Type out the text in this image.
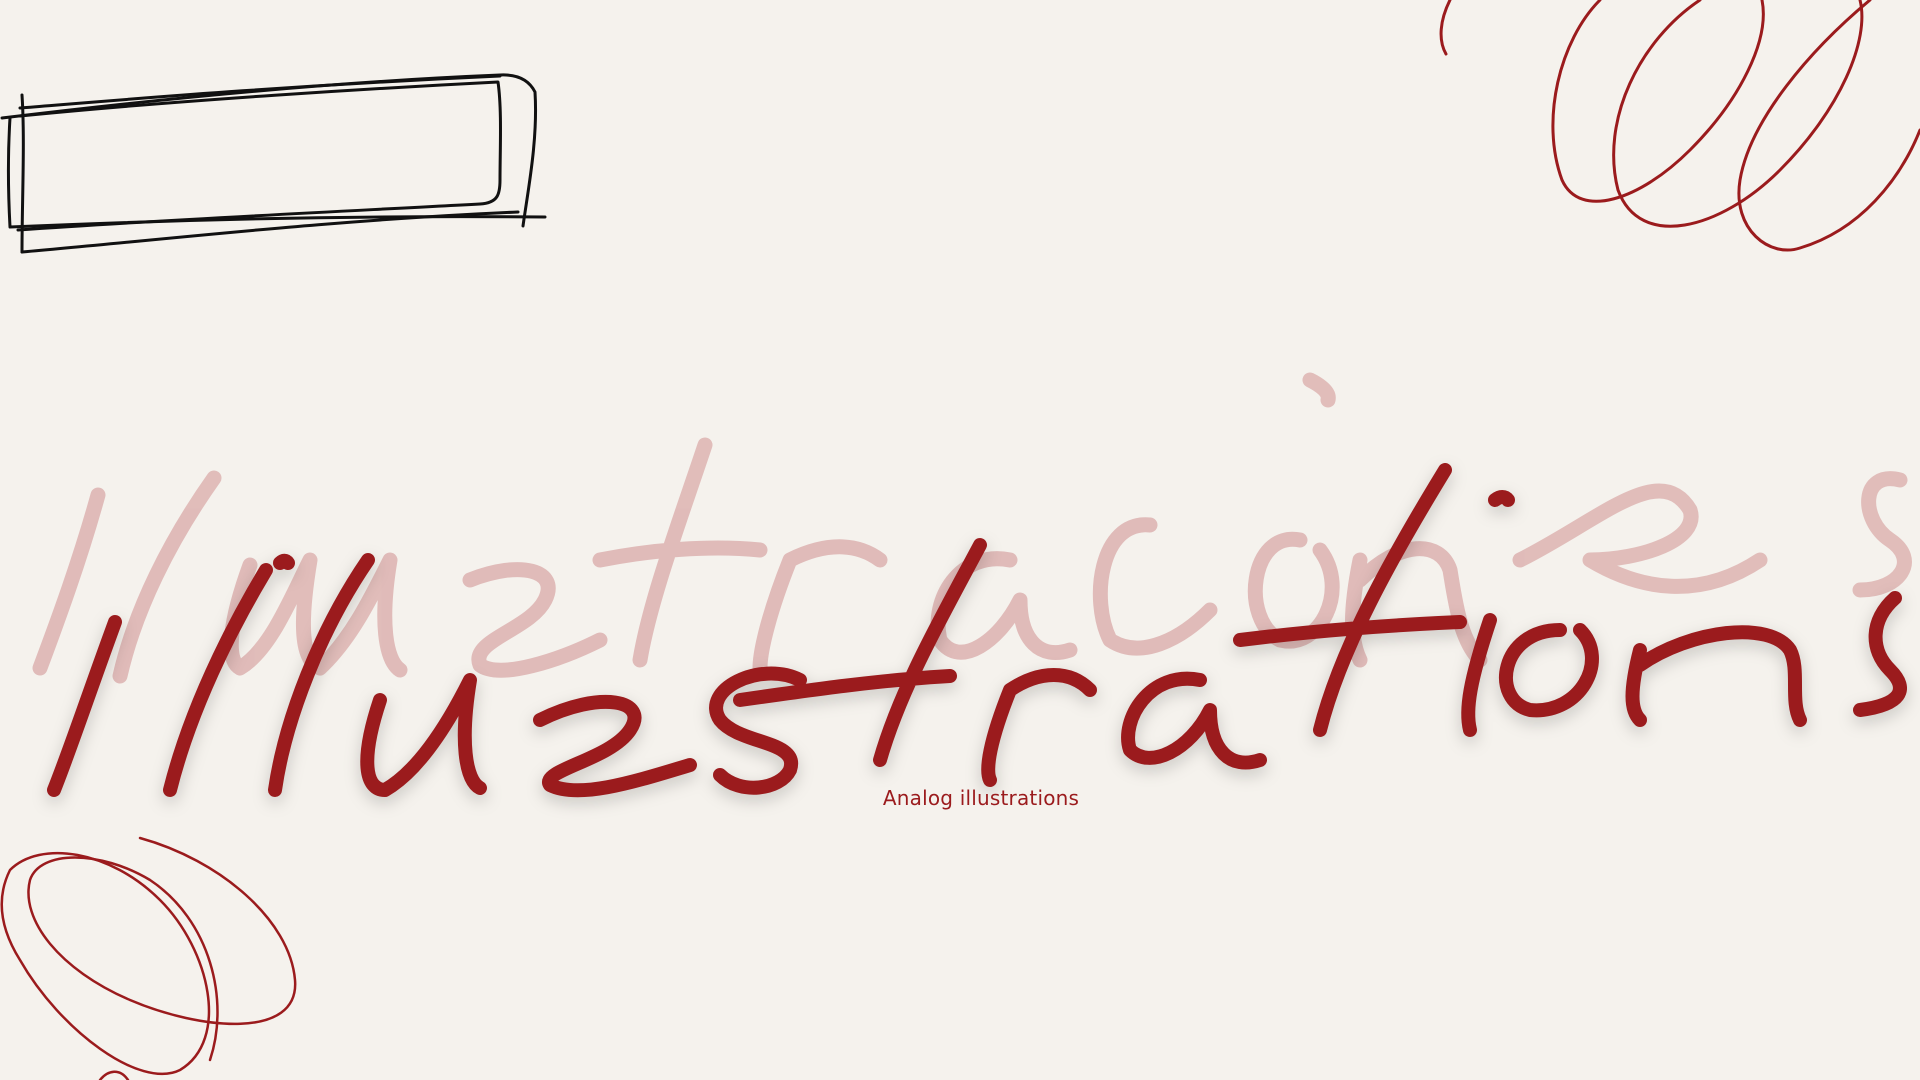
Analog illustrations
